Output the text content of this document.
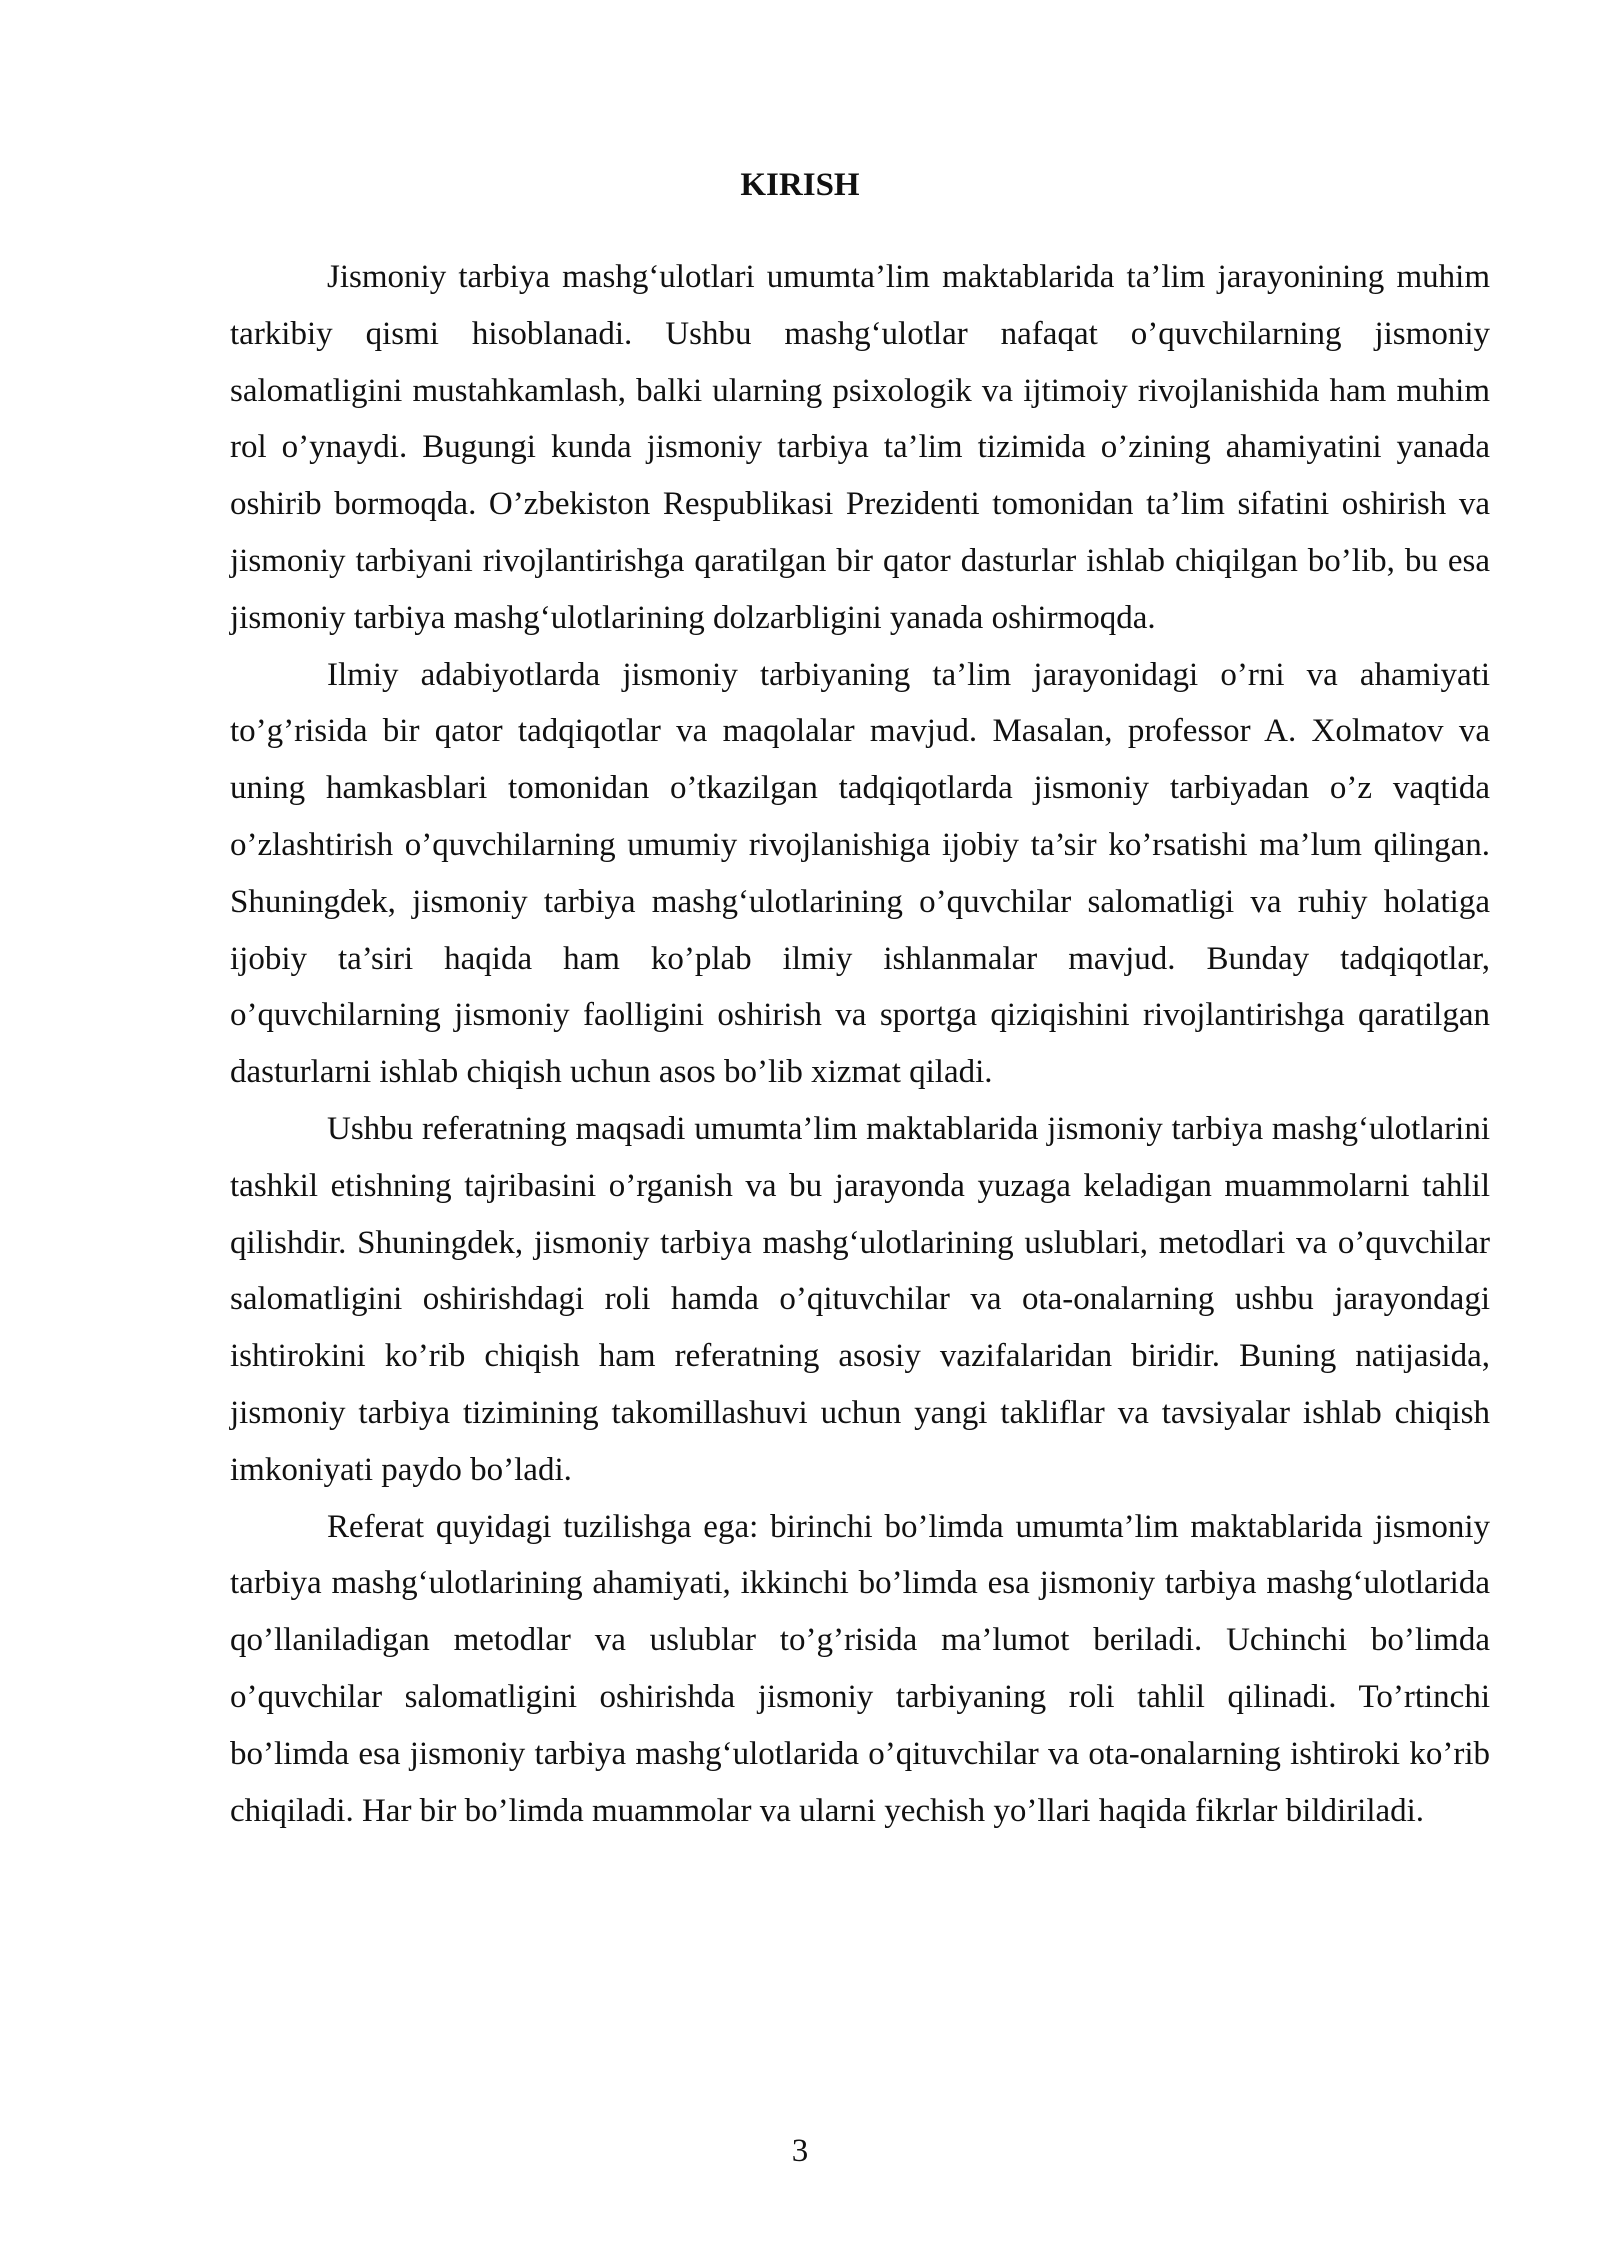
KIRISH

Jismoniy tarbiya mashg‘ulotlari umumta’lim maktablarida ta’lim jarayonining muhim tarkibiy qismi hisoblanadi. Ushbu mashg‘ulotlar nafaqat o’quvchilarning jismoniy salomatligini mustahkamlash, balki ularning psixologik va ijtimoiy rivojlanishida ham muhim rol o’ynaydi. Bugungi kunda jismoniy tarbiya ta’lim tizimida o’zining ahamiyatini yanada oshirib bormoqda. O’zbekiston Respublikasi Prezidenti tomonidan ta’lim sifatini oshirish va jismoniy tarbiyani rivojlantirishga qaratilgan bir qator dasturlar ishlab chiqilgan bo’lib, bu esa jismoniy tarbiya mashg‘ulotlarining dolzarbligini yanada oshirmoqda.

Ilmiy adabiyotlarda jismoniy tarbiyaning ta’lim jarayonidagi o’rni va ahamiyati to’g’risida bir qator tadqiqotlar va maqolalar mavjud. Masalan, professor A. Xolmatov va uning hamkasblari tomonidan o’tkazilgan tadqiqotlarda jismoniy tarbiyadan o’z vaqtida o’zlashtirish o’quvchilarning umumiy rivojlanishiga ijobiy ta’sir ko’rsatishi ma’lum qilingan. Shuningdek, jismoniy tarbiya mashg‘ulotlarining o’quvchilar salomatligi va ruhiy holatiga ijobiy ta’siri haqida ham ko’plab ilmiy ishlanmalar mavjud. Bunday tadqiqotlar, o’quvchilarning jismoniy faolligini oshirish va sportga qiziqishini rivojlantirishga qaratilgan dasturlarni ishlab chiqish uchun asos bo’lib xizmat qiladi.

Ushbu referatning maqsadi umumta’lim maktablarida jismoniy tarbiya mashg‘ulotlarini tashkil etishning tajribasini o’rganish va bu jarayonda yuzaga keladigan muammolarni tahlil qilishdir. Shuningdek, jismoniy tarbiya mashg‘ulotlarining uslublari, metodlari va o’quvchilar salomatligini oshirishdagi roli hamda o’qituvchilar va ota-onalarning ushbu jarayondagi ishtirokini ko’rib chiqish ham referatning asosiy vazifalaridan biridir. Buning natijasida, jismoniy tarbiya tizimining takomillashuvi uchun yangi takliflar va tavsiyalar ishlab chiqish imkoniyati paydo bo’ladi.

Referat quyidagi tuzilishga ega: birinchi bo’limda umumta’lim maktablarida jismoniy tarbiya mashg‘ulotlarining ahamiyati, ikkinchi bo’limda esa jismoniy tarbiya mashg‘ulotlarida qo’llaniladigan metodlar va uslublar to’g’risida ma’lumot beriladi. Uchinchi bo’limda o’quvchilar salomatligini oshirishda jismoniy tarbiyaning roli tahlil qilinadi. To’rtinchi bo’limda esa jismoniy tarbiya mashg‘ulotlarida o’qituvchilar va ota-onalarning ishtiroki ko’rib chiqiladi. Har bir bo’limda muammolar va ularni yechish yo’llari haqida fikrlar bildiriladi.

3
